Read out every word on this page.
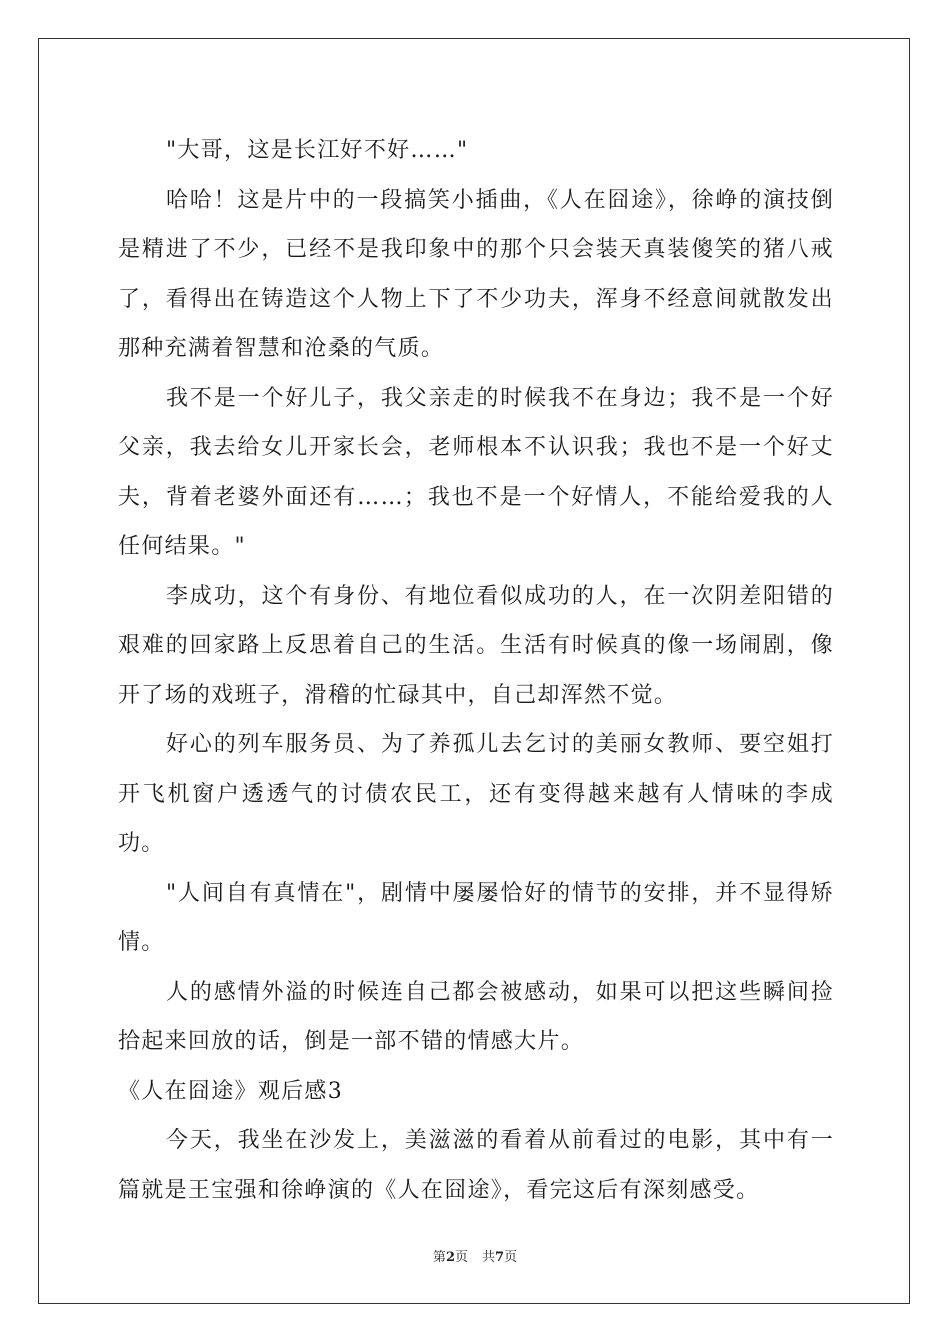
"大哥，这是长江好不好……"

哈哈！这是片中的一段搞笑小插曲，《人在囧途》，徐峥的演技倒是精进了不少，已经不是我印象中的那个只会装天真装傻笑的猪八戒了，看得出在铸造这个人物上下了不少功夫，浑身不经意间就散发出那种充满着智慧和沧桑的气质。

我不是一个好儿子，我父亲走的时候我不在身边；我不是一个好父亲，我去给女儿开家长会，老师根本不认识我；我也不是一个好丈夫，背着老婆外面还有……；我也不是一个好情人，不能给爱我的人任何结果。"

李成功，这个有身份、有地位看似成功的人，在一次阴差阳错的艰难的回家路上反思着自己的生活。生活有时候真的像一场闹剧，像开了场的戏班子，滑稽的忙碌其中，自己却浑然不觉。

好心的列车服务员、为了养孤儿去乞讨的美丽女教师、要空姐打开飞机窗户透透气的讨债农民工，还有变得越来越有人情味的李成功。

"人间自有真情在"，剧情中屡屡恰好的情节的安排，并不显得矫情。

人的感情外溢的时候连自己都会被感动，如果可以把这些瞬间捡拾起来回放的话，倒是一部不错的情感大片。

《人在囧途》观后感3

今天，我坐在沙发上，美滋滋的看着从前看过的电影，其中有一篇就是王宝强和徐峥演的《人在囧途》，看完这后有深刻感受。

第2页 共7页
